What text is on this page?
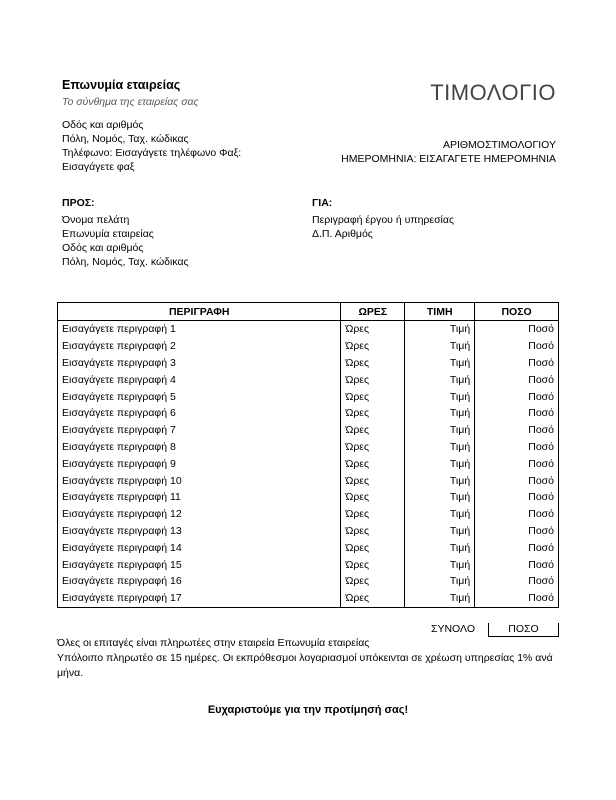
Επωνυμία εταιρείας
Το σύνθημα της εταιρείας σας	ΤΙΜΟΛΟΓΙΟ
Οδός και αριθμός
Πόλη, Νομός, Ταχ. κώδικας
Τηλέφωνο: Εισαγάγετε τηλέφωνο Φαξ:
Εισαγάγετε φαξ
ΑΡΙΘΜΟΣΤΙΜΟΛΟΓΙΟΥ
ΗΜΕΡΟΜΗΝΙΑ: ΕΙΣΑΓΑΓΕΤΕ ΗΜΕΡΟΜΗΝΙΑ
ΠΡΟΣ:	ΓΙΑ:
Όνομα πελάτη
Επωνυμία εταιρείας
Οδός και αριθμός
Πόλη, Νομός, Ταχ. κώδικας
Περιγραφή έργου ή υπηρεσίας
Δ.Π. Αριθμός
ΠΕΡΙΓΡΑΦΗ	ΩΡΕΣ	ΤΙΜΗ	ΠΟΣΟ
Εισαγάγετε περιγραφή 1	Ώρες	Τιμή	Ποσό
Εισαγάγετε περιγραφή 2	Ώρες	Τιμή	Ποσό
Εισαγάγετε περιγραφή 3	Ώρες	Τιμή	Ποσό
Εισαγάγετε περιγραφή 4	Ώρες	Τιμή	Ποσό
Εισαγάγετε περιγραφή 5	Ώρες	Τιμή	Ποσό
Εισαγάγετε περιγραφή 6	Ώρες	Τιμή	Ποσό
Εισαγάγετε περιγραφή 7	Ώρες	Τιμή	Ποσό
Εισαγάγετε περιγραφή 8	Ώρες	Τιμή	Ποσό
Εισαγάγετε περιγραφή 9	Ώρες	Τιμή	Ποσό
Εισαγάγετε περιγραφή 10	Ώρες	Τιμή	Ποσό
Εισαγάγετε περιγραφή 11	Ώρες	Τιμή	Ποσό
Εισαγάγετε περιγραφή 12	Ώρες	Τιμή	Ποσό
Εισαγάγετε περιγραφή 13	Ώρες	Τιμή	Ποσό
Εισαγάγετε περιγραφή 14	Ώρες	Τιμή	Ποσό
Εισαγάγετε περιγραφή 15	Ώρες	Τιμή	Ποσό
Εισαγάγετε περιγραφή 16	Ώρες	Τιμή	Ποσό
Εισαγάγετε περιγραφή 17	Ώρες	Τιμή	Ποσό
ΣΥΝΟΛΟ	ΠΟΣΟ
Όλες οι επιταγές είναι πληρωτέες στην εταιρεία Επωνυμία εταιρείας
Υπόλοιπο πληρωτέο σε 15 ημέρες. Οι εκπρόθεσμοι λογαριασμοί υπόκεινται σε χρέωση υπηρεσίας 1% ανά μήνα.
Ευχαριστούμε για την προτίμησή σας!
